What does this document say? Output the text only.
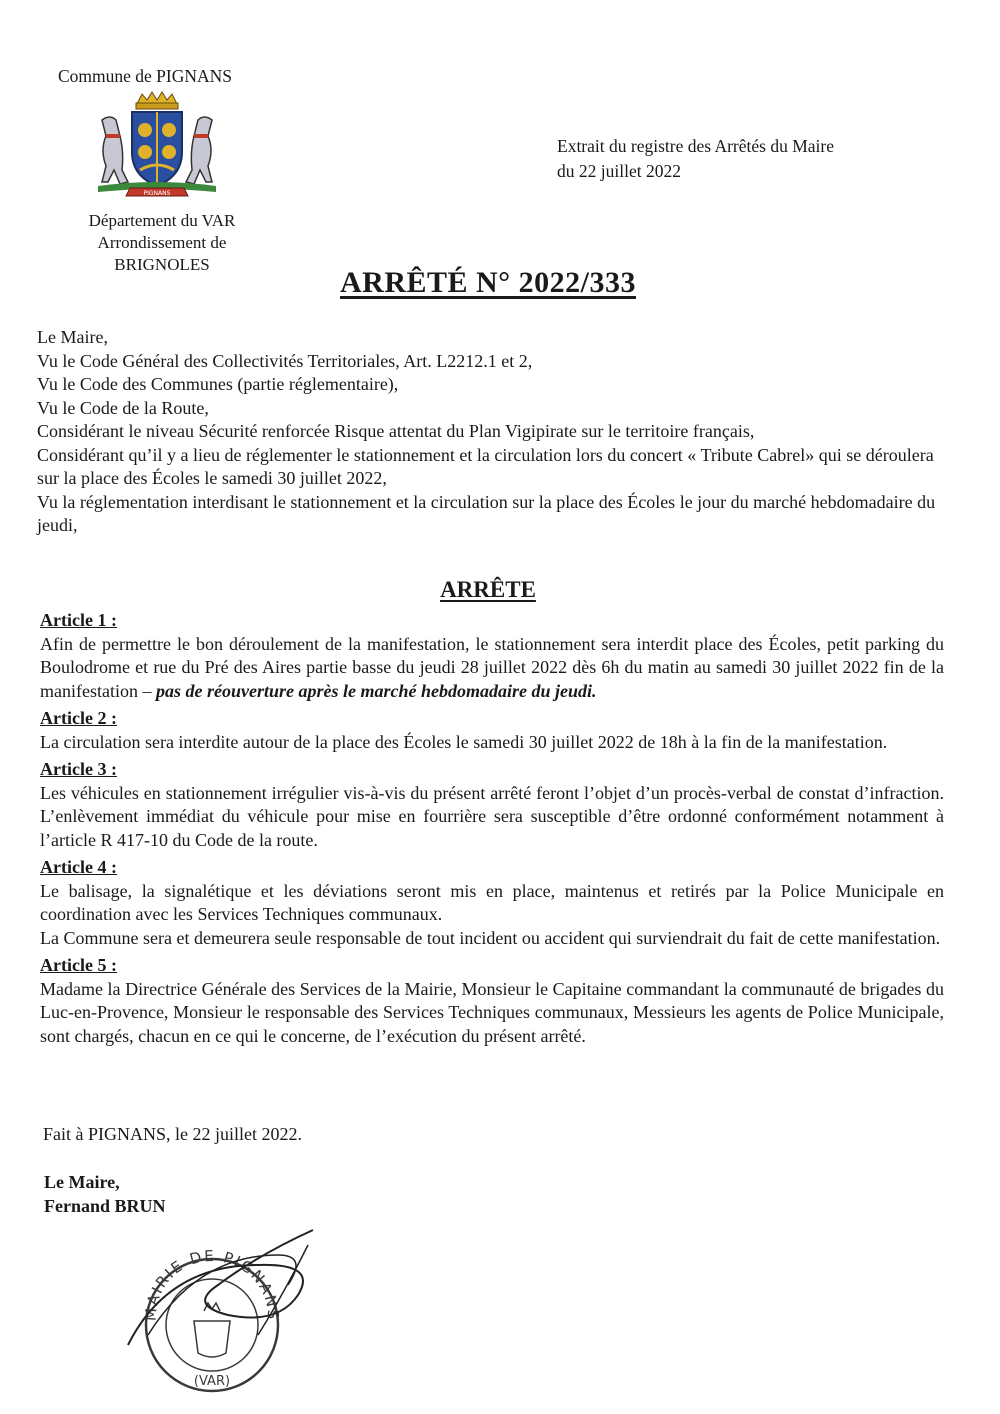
Commune de PIGNANS
PIGNANS
Département du VAR
Arrondissement de BRIGNOLES
Extrait du registre des Arrêtés du Maire
du 22 juillet 2022
ARRÊTÉ N° 2022/333
Le Maire,
Vu le Code Général des Collectivités Territoriales, Art. L2212.1 et 2,
Vu le Code des Communes (partie réglementaire),
Vu le Code de la Route,
Considérant le niveau Sécurité renforcée Risque attentat du Plan Vigipirate sur le territoire français,
Considérant qu’il y a lieu de réglementer le stationnement et la circulation lors du concert « Tribute Cabrel» qui se déroulera sur la place des Écoles le samedi 30 juillet 2022,
Vu la réglementation interdisant le stationnement et la circulation sur la place des Écoles le jour du marché hebdomadaire du jeudi,
ARRÊTE
Article 1 :
Afin de permettre le bon déroulement de la manifestation, le stationnement sera interdit place des Écoles, petit parking du Boulodrome et rue du Pré des Aires partie basse du jeudi 28 juillet 2022 dès 6h du matin au samedi 30 juillet 2022 fin de la manifestation – pas de réouverture après le marché hebdomadaire du jeudi.
Article 2 :
La circulation sera interdite autour de la place des Écoles le samedi 30 juillet 2022 de 18h à la fin de la manifestation.
Article 3 :
Les véhicules en stationnement irrégulier vis-à-vis du présent arrêté feront l’objet d’un procès-verbal de constat d’infraction. L’enlèvement immédiat du véhicule pour mise en fourrière sera susceptible d’être ordonné conformément notamment à l’article R 417-10 du Code de la route.
Article 4 :

Le balisage, la signalétique et les déviations seront mis en place, maintenus et retirés par la Police Municipale en coordination avec les Services Techniques communaux.

La Commune sera et demeurera seule responsable de tout incident ou accident qui surviendrait du fait de cette manifestation.

Article 5 :
Madame la Directrice Générale des Services de la Mairie, Monsieur le Capitaine commandant la communauté de brigades du Luc-en-Provence, Monsieur le responsable des Services Techniques communaux, Messieurs les agents de Police Municipale, sont chargés, chacun en ce qui le concerne, de l’exécution du présent arrêté.
Fait à PIGNANS, le 22 juillet 2022.
Le Maire,
Fernand BRUN
MAIRIE DE PIGNANS
(VAR)
